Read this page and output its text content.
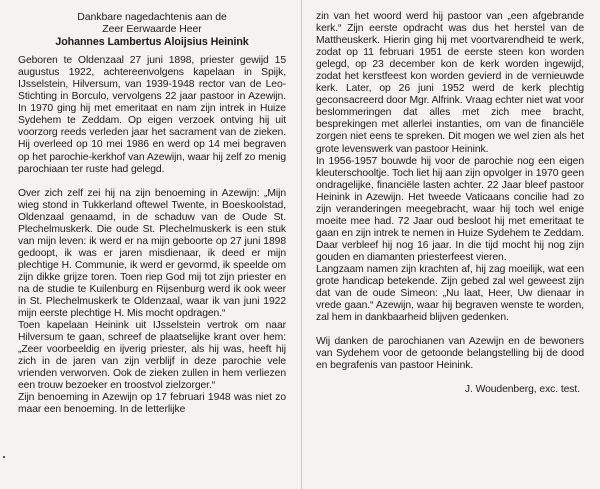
Dankbare nagedachtenis aan de
Zeer Eerwaarde Heer
Johannes Lambertus Aloijsius Heinink

Geboren te Oldenzaal 27 juni 1898, priester gewijd 15 augustus 1922, achtereenvolgens kapelaan in Spijk, IJsselstein, Hilversum, van 1939-1948 rector van de Leo-Stichting in Borculo, vervolgens 22 jaar pastoor in Azewijn. In 1970 ging hij met emeritaat en nam zijn intrek in Huize Sydehem te Zeddam. Op eigen verzoek ontving hij uit voorzorg reeds verleden jaar het sacrament van de zieken. Hij overleed op 10 mei 1986 en werd op 14 mei begraven op het parochie-kerkhof van Azewijn, waar hij zelf zo menig parochiaan ter ruste had gelegd.

Over zich zelf zei hij na zijn benoeming in Azewijn: „Mijn wieg stond in Tukkerland oftewel Twente, in Boeskoolstad, Oldenzaal genaamd, in de schaduw van de Oude St. Plechelmuskerk. Die oude St. Plechelmuskerk is een stuk van mijn leven: ik werd er na mijn geboorte op 27 juni 1898 gedoopt, ik was er jaren misdienaar, ik deed er mijn plechtige H. Communie, ik werd er gevormd, ik speelde om zijn dikke grijze toren. Toen riep God mij tot zijn priester en na de studie te Kuilenburg en Rijsenburg werd ik ook weer in St. Plechelmuskerk te Oldenzaal, waar ik van juni 1922 mijn eerste plechtige H. Mis mocht opdragen.“

Toen kapelaan Heinink uit IJsselstein vertrok om naar Hilversum te gaan, schreef de plaatselijke krant over hem: „Zeer voorbeeldig en ijverig priester, als hij was, heeft hij zich in de jaren van zijn verblijf in deze parochie vele vrienden verworven. Ook de zieken zullen in hem verliezen een trouw bezoeker en troostvol zielzorger.“

Zijn benoeming in Azewijn op 17 februari 1948 was niet zo maar een benoeming. In de letterlijke

zin van het woord werd hij pastoor van „een afgebrande kerk.“ Zijn eerste opdracht was dus het herstel van de Mattheuskerk. Hierin ging hij met voortvarendheid te werk, zodat op 11 februari 1951 de eerste steen kon worden gelegd, op 23 december kon de kerk worden ingewijd, zodat het kerstfeest kon worden gevierd in de vernieuwde kerk. Later, op 26 juni 1952 werd de kerk plechtig geconsacreerd door Mgr. Alfrink. Vraag echter niet wat voor beslommeringen dat alles met zich mee bracht, besprekingen met allerlei instanties, om van de financiële zorgen niet eens te spreken. Dit mogen we wel zien als het grote levenswerk van pastoor Heinink.

In 1956-1957 bouwde hij voor de parochie nog een eigen kleuterschooltje. Toch liet hij aan zijn opvolger in 1970 geen ondragelijke, financiële lasten achter. 22 Jaar bleef pastoor Heinink in Azewijn. Het tweede Vaticaans concilie had zo zijn veranderingen meegebracht, waar hij toch wel enige moeite mee had. 72 Jaar oud besloot hij met emeritaat te gaan en zijn intrek te nemen in Huize Sydehem te Zeddam. Daar verbleef hij nog 16 jaar. In die tijd mocht hij nog zijn gouden en diamanten priesterfeest vieren.

Langzaam namen zijn krachten af, hij zag moeilijk, wat een grote handicap betekende. Zijn gebed zal wel geweest zijn dat van de oude Simeon: „Nu laat, Heer, Uw dienaar in vrede gaan.“ Azewijn, waar hij begraven wenste te worden, zal hem in dankbaarheid blijven gedenken.

Wij danken de parochianen van Azewijn en de bewoners van Sydehem voor de getoonde belangstelling bij de dood en begrafenis van pastoor Heinink.

J. Woudenberg, exc. test.
